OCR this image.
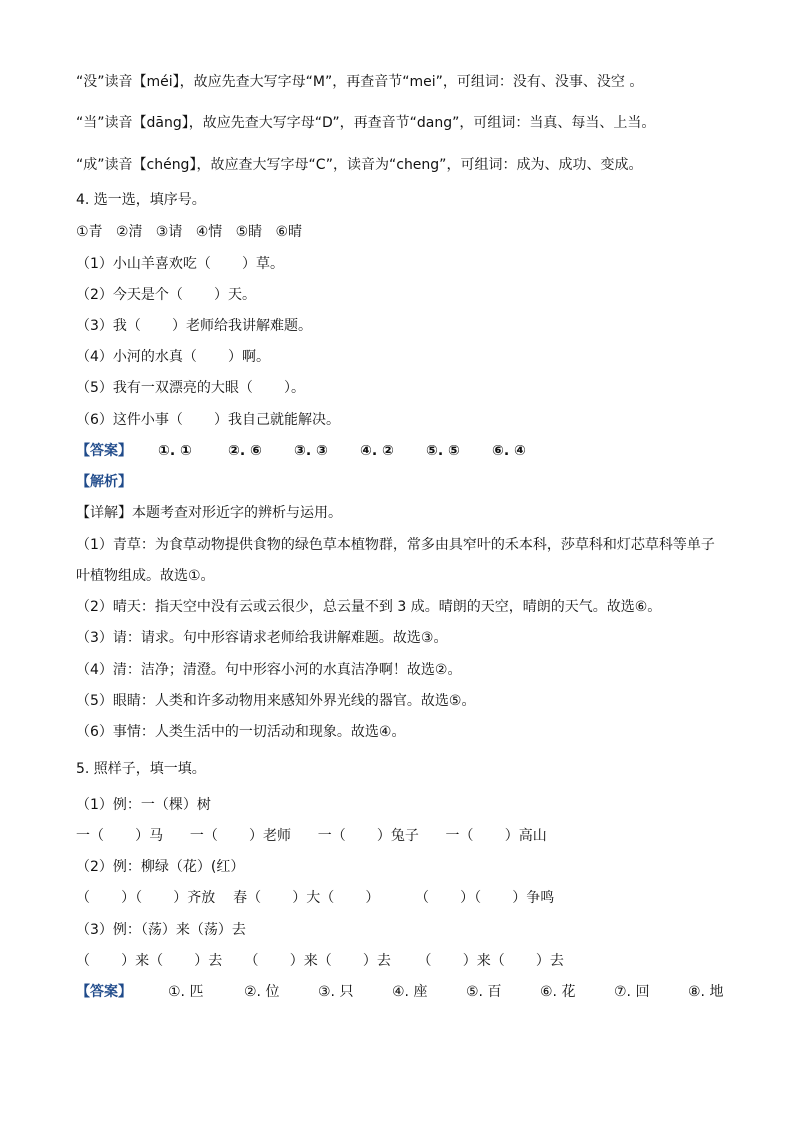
“没”读音【méi】，故应先查大写字母“M”，再查音节“mei”，可组词：没有、没事、没空 。
“当”读音【dāng】，故应先查大写字母“D”，再查音节“dang”，可组词：当真、每当、上当。
“成”读音【chéng】，故应查大写字母“C”，读音为“cheng”，可组词：成为、成功、变成。
4. 选一选，填序号。
①青   ②清   ③请   ④情   ⑤睛   ⑥晴
（1）小山羊喜欢吃（       ）草。
（2）今天是个（       ）天。
（3）我（       ）老师给我讲解难题。
（4）小河的水真（       ）啊。
（5）我有一双漂亮的大眼（       ）。
（6）这件小事（       ）我自己就能解决。
【答案】 ①. ①	②. ⑥	③. ③	④. ②	⑤. ⑤	⑥. ④
【解析】
【详解】本题考查对形近字的辨析与运用。
（1）青草：为食草动物提供食物的绿色草本植物群，常多由具窄叶的禾本科，莎草科和灯芯草科等单子
叶植物组成。故选①。
（2）晴天：指天空中没有云或云很少，总云量不到 3 成。晴朗的天空，晴朗的天气。故选⑥。
（3）请：请求。句中形容请求老师给我讲解难题。故选③。
（4）清：洁净；清澄。句中形容小河的水真洁净啊！故选②。
（5）眼睛：人类和许多动物用来感知外界光线的器官。故选⑤。
（6）事情：人类生活中的一切活动和现象。故选④。
5. 照样子，填一填。
（1）例：一（棵）树
一（       ）马      一（       ）老师      一（       ）兔子      一（       ）高山
（2）例：柳绿（花）(红）
（       ）（       ）齐放    春（       ）大（       ）        （       ）（       ）争鸣
（3）例：（荡）来（荡）去
（       ）来（       ）去     （       ）来（       ）去      （       ）来（       ）去
【答案】	①. 匹	②. 位	③. 只	④. 座	⑤. 百	⑥. 花	⑦. 回	⑧. 地
